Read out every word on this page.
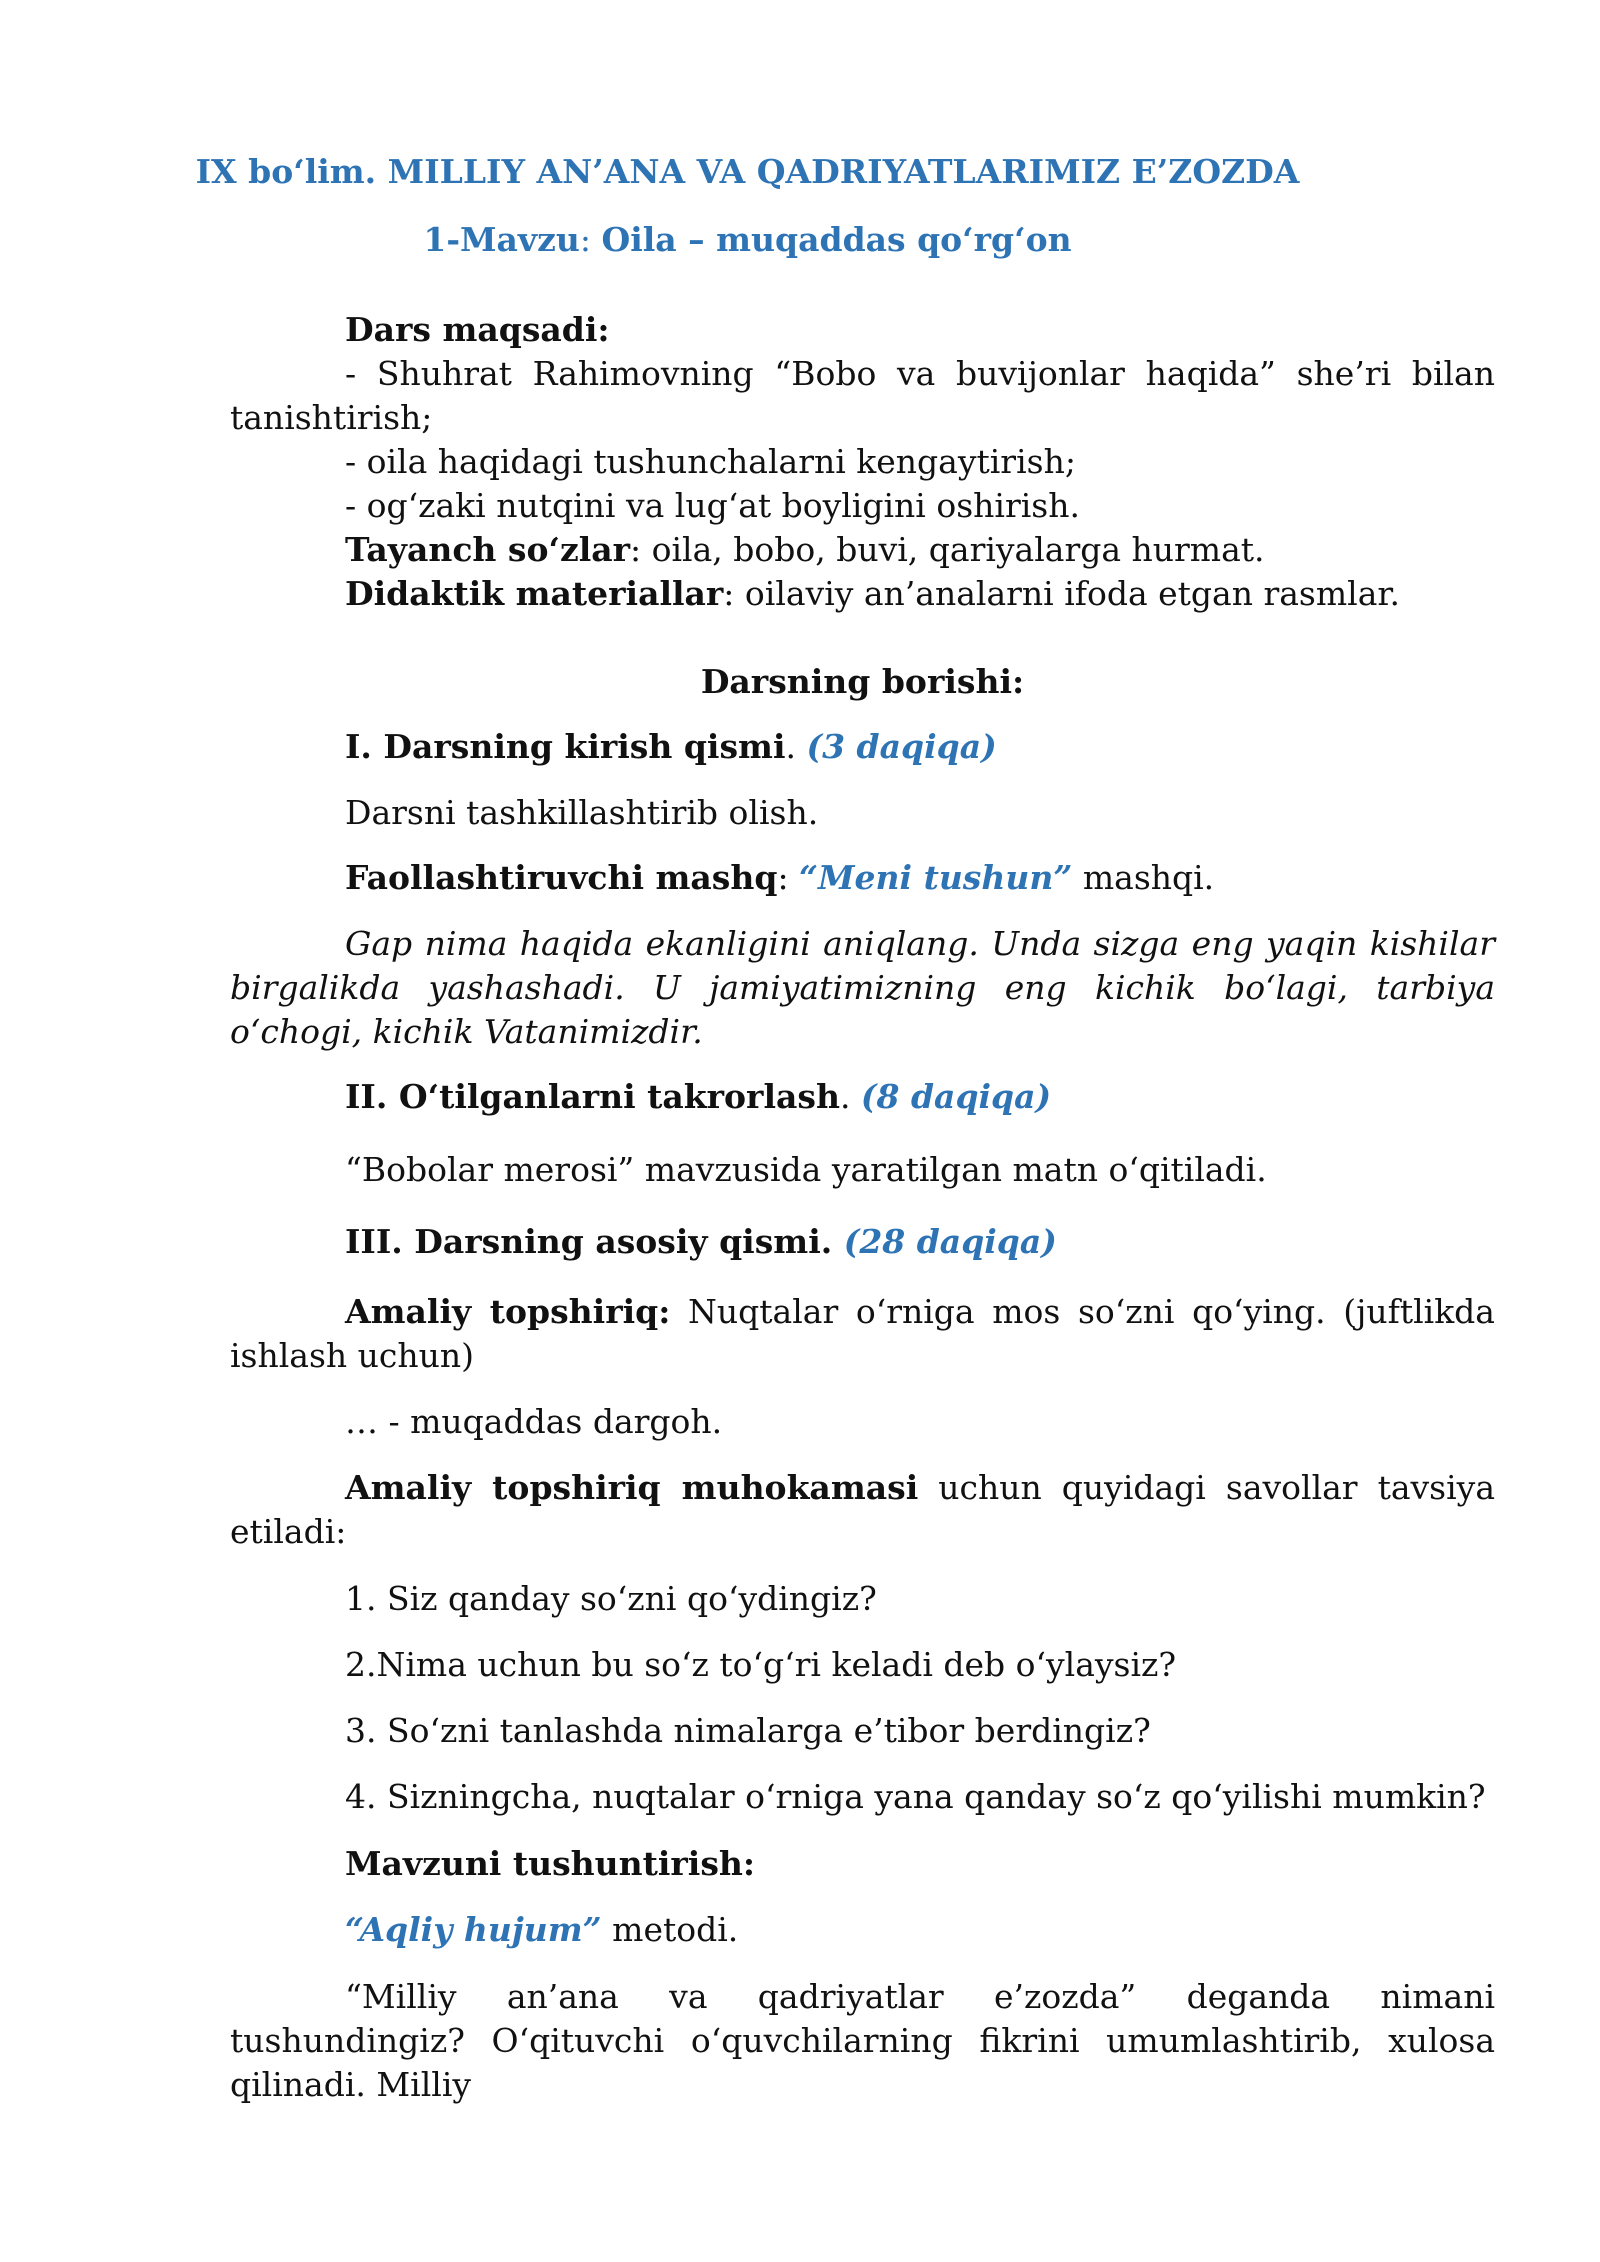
IX bo‘lim. MILLIY AN’ANA VA QADRIYATLARIMIZ E’ZOZDA
1-Mavzu: Oila – muqaddas qo‘rg‘on
Dars maqsadi:
- Shuhrat Rahimovning “Bobo va buvijonlar haqida” she’ri bilan tanishtirish;
- oila haqidagi tushunchalarni kengaytirish;
- og‘zaki nutqini va lug‘at boyligini oshirish.
Tayanch so‘zlar: oila, bobo, buvi, qariyalarga hurmat.
Didaktik materiallar: oilaviy an’analarni ifoda etgan rasmlar.
Darsning borishi:
I. Darsning kirish qismi. (3 daqiqa)
Darsni tashkillashtirib olish.
Faollashtiruvchi mashq: “Meni tushun” mashqi.
Gap nima haqida ekanligini aniqlang. Unda sizga eng yaqin kishilar birgalikda yashashadi. U jamiyatimizning eng kichik bo‘lagi, tarbiya o‘chogi, kichik Vatanimizdir.
II. O‘tilganlarni takrorlash. (8 daqiqa)
“Bobolar merosi” mavzusida yaratilgan matn o‘qitiladi.
III. Darsning asosiy qismi. (28 daqiqa)
Amaliy topshiriq: Nuqtalar o‘rniga mos so‘zni qo‘ying. (juftlikda ishlash uchun)
… - muqaddas dargoh.
Amaliy topshiriq muhokamasi uchun quyidagi savollar tavsiya etiladi:
1. Siz qanday so‘zni qo‘ydingiz?
2.Nima uchun bu so‘z to‘g‘ri keladi deb o‘ylaysiz?
3. So‘zni tanlashda nimalarga e’tibor berdingiz?
4. Sizningcha, nuqtalar o‘rniga yana qanday so‘z qo‘yilishi mumkin?
Mavzuni tushuntirish:
“Aqliy hujum” metodi.
“Milliy an’ana va qadriyatlar e’zozda” deganda nimani tushundingiz? O‘qituvchi o‘quvchilarning fikrini umumlashtirib, xulosa qilinadi. Milliy
